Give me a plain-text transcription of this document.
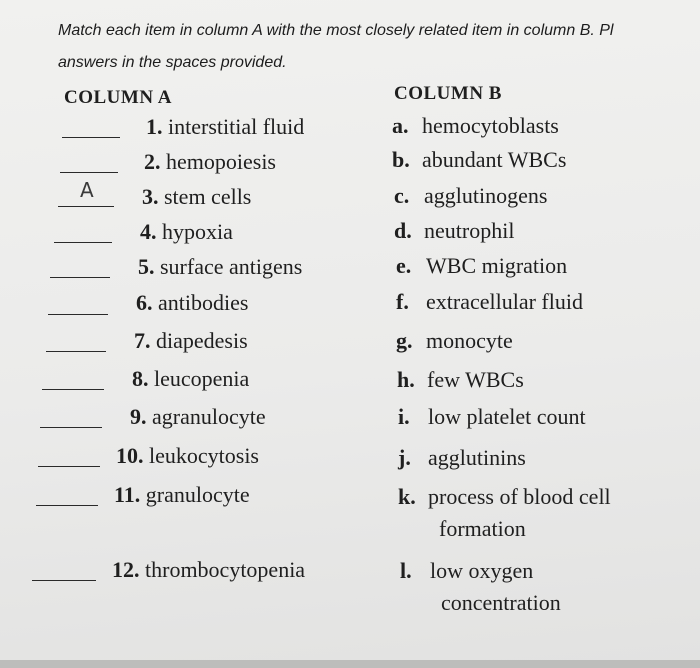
Match each item in column A with the most closely related item in column B. Pl
answers in the spaces provided.
COLUMN A	COLUMN B
1. interstitial fluid
2. hemopoiesis
A 3. stem cells
4. hypoxia
5. surface antigens
6. antibodies
7. diapedesis
8. leucopenia
9. agranulocyte
10. leukocytosis
11. granulocyte
12. thrombocytopenia
a. hemocytoblasts
b. abundant WBCs
c. agglutinogens
d. neutrophil
e. WBC migration
f. extracellular fluid
g. monocyte
h. few WBCs
i. low platelet count
j. agglutinins
k. process of blood cell
formation
l. low oxygen
concentration
